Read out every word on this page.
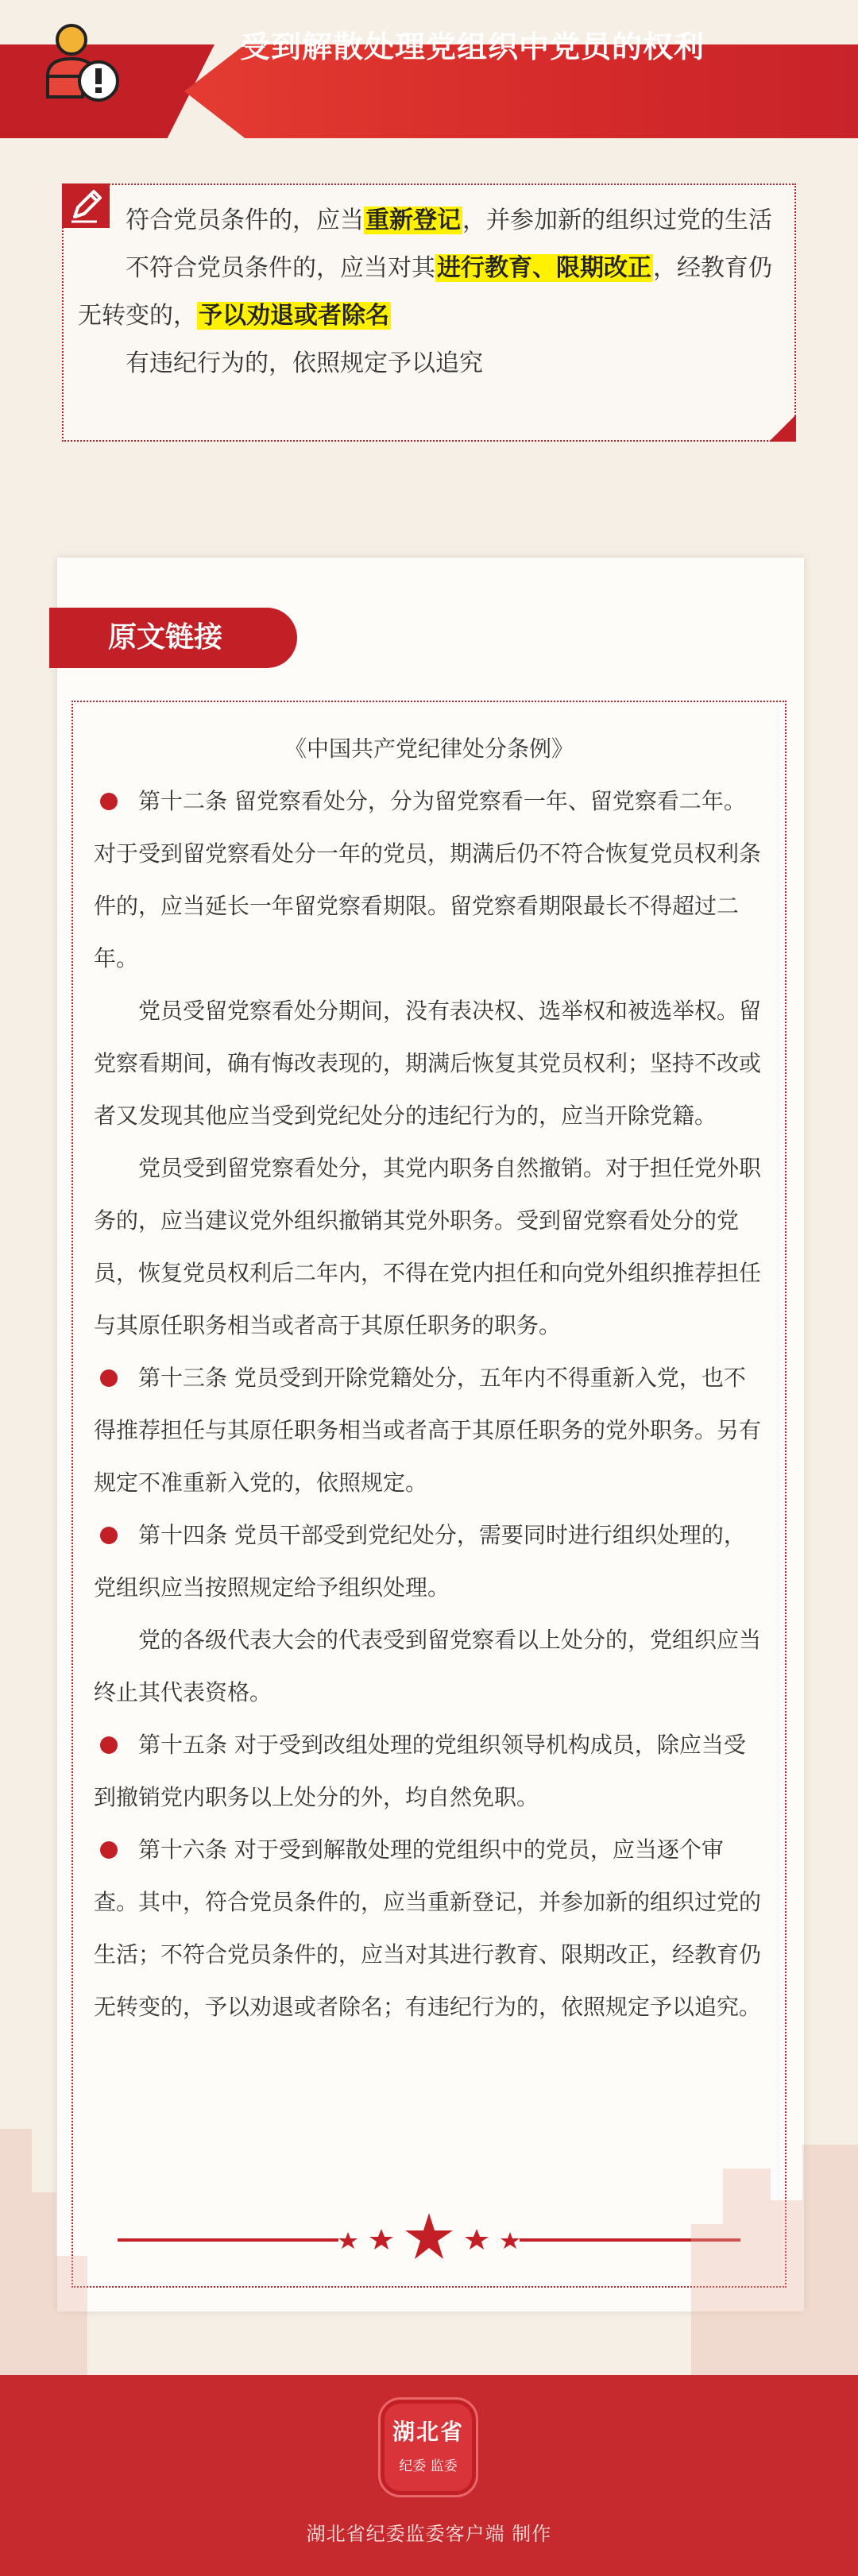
受到解散处理党组织中党员的权利

符合党员条件的，应当重新登记，并参加新的组织过党的生活

不符合党员条件的，应当对其进行教育、限期改正，经教育仍无转变的，予以劝退或者除名

有违纪行为的，依照规定予以追究

原文链接
《中国共产党纪律处分条例》

第十二条 留党察看处分，分为留党察看一年、留党察看二年。对于受到留党察看处分一年的党员，期满后仍不符合恢复党员权利条件的，应当延长一年留党察看期限。留党察看期限最长不得超过二年。

党员受留党察看处分期间，没有表决权、选举权和被选举权。留党察看期间，确有悔改表现的，期满后恢复其党员权利；坚持不改或者又发现其他应当受到党纪处分的违纪行为的，应当开除党籍。

党员受到留党察看处分，其党内职务自然撤销。对于担任党外职务的，应当建议党外组织撤销其党外职务。受到留党察看处分的党员，恢复党员权利后二年内，不得在党内担任和向党外组织推荐担任与其原任职务相当或者高于其原任职务的职务。

第十三条 党员受到开除党籍处分，五年内不得重新入党，也不得推荐担任与其原任职务相当或者高于其原任职务的党外职务。另有规定不准重新入党的，依照规定。

第十四条 党员干部受到党纪处分，需要同时进行组织处理的，党组织应当按照规定给予组织处理。

党的各级代表大会的代表受到留党察看以上处分的，党组织应当终止其代表资格。

第十五条 对于受到改组处理的党组织领导机构成员，除应当受到撤销党内职务以上处分的外，均自然免职。

第十六条 对于受到解散处理的党组织中的党员，应当逐个审查。其中，符合党员条件的，应当重新登记，并参加新的组织过党的生活；不符合党员条件的，应当对其进行教育、限期改正，经教育仍无转变的，予以劝退或者除名；有违纪行为的，依照规定予以追究。

湖北省
纪委 监委
湖北省纪委监委客户端 制作
